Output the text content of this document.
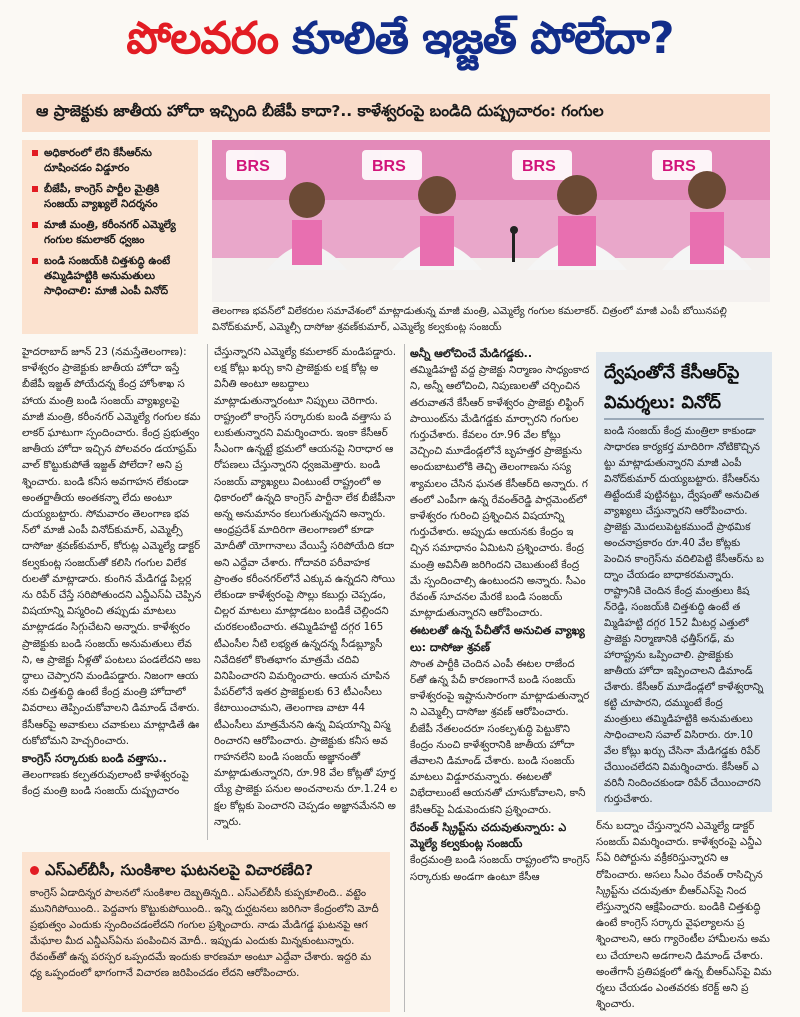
పోలవరం కూలితే ఇజ్జత్ పోలేదా?
ఆ ప్రాజెక్టుకు జాతీయ హోదా ఇచ్చింది బీజేపీ కాదా?.. కాళేశ్వరంపై బండిది దుష్ప్రచారం: గంగుల
అధికారంలో లేని కేసీఆర్‌ను దూషించడం విడ్డూరం
బీజేపీ, కాంగ్రెస్ పార్టీల మైత్రికి సంజయ్ వ్యాఖ్యలే నిదర్శనం
మాజీ మంత్రి, కరీంనగర్ ఎమ్మెల్యే గంగుల కమలాకర్ ధ్వజం
బండి సంజయ్‌కి చిత్తశుద్ధి ఉంటే తమ్మిడిహట్టికి అనుమతులు సాధించాలి: మాజీ ఎంపీ వినోద్
BRS	BRS	BRS	BRS
తెలంగాణ భవన్‌లో విలేకరుల సమావేశంలో మాట్లాడుతున్న మాజీ మంత్రి, ఎమ్మెల్యే గంగుల కమలాకర్. చిత్రంలో మాజీ ఎంపీ బోయినపల్లి వినోద్‌కుమార్, ఎమ్మెల్సీ దాసోజు శ్రవణ్‌కుమార్, ఎమ్మెల్యే కల్వకుంట్ల సంజయ్

హైదరాబాద్ జూన్ 23 (నమస్తేతెలంగాణ): కాళేశ్వరం ప్రాజెక్టుకు జాతీయ హోదా ఇస్తే బీజేపీ ఇజ్జత్ పోయేదన్న కేంద్ర హోంశాఖ సహాయ మంత్రి బండి సంజయ్ వ్యాఖ్యలపై మాజీ మంత్రి, కరీంనగర్ ఎమ్మెల్యే గంగుల కమలాకర్ ఘాటుగా స్పందించారు. కేంద్ర ప్రభుత్వం జాతీయ హోదా ఇచ్చిన పోలవరం డయాఫ్రమ్ వాల్ కొట్టుకుపోతే ఇజ్జత్ పోలేదా? అని ప్రశ్నించారు. బండి కనీస అవగాహన లేకుండా అంతర్జాతీయ అంతకన్నా లేదు అంటూ దుయ్యబట్టారు. సోమవారం తెలంగాణ భవన్‌లో మాజీ ఎంపీ వినోద్‌కుమార్, ఎమ్మెల్సీ దాసోజు శ్రవణ్‌కుమార్, కోరుట్ల ఎమ్మెల్యే డాక్టర్ కల్వకుంట్ల సంజయ్‌తో కలిసి గంగుల విలేకరులతో మాట్లాడారు. కుంగిన మేడిగడ్డ పిల్లర్లను రిపేర్ చేస్తే సరిపోతుందని ఎన్డీఎస్‌ఏ చెప్పిన విషయాన్ని విస్మరించి తప్పుడు మాటలు మాట్లాడడం సిగ్గుచేటని అన్నారు. కాళేశ్వరం ప్రాజెక్టుకు బండి సంజయ్ అనుమతులు లేవని, ఆ ప్రాజెక్టు నీళ్లతో పంటలు పండలేదని అబద్ధాలు చెప్పారని మండిపడ్డారు. నిజంగా ఆయనకు చిత్తశుద్ధి ఉంటే కేంద్ర మంత్రి హోదాలో వివరాలు తెప్పించుకోవాలని డిమాండ్ చేశారు. కేసీఆర్‌పై అవాకులు చవాకులు మాట్లాడితే ఊరుకోబోమని హెచ్చరించారు.

కాంగ్రెస్ సర్కారుకు బండి వత్తాసు..

తెలంగాణకు కల్పతరువులాంటి కాళేశ్వరంపై కేంద్ర మంత్రి బండి సంజయ్ దుష్ప్రచారం

చేస్తున్నారని ఎమ్మెల్యే కమలాకర్ మండిపడ్డారు. లక్ష కోట్లు ఖర్చు కాని ప్రాజెక్టుకు లక్ష కోట్ల అవినీతి అంటూ అబద్ధాలు మాట్లాడుతున్నారంటూ నిప్పులు చెరిగారు. రాష్ట్రంలో కాంగ్రెస్ సర్కారుకు బండి వత్తాసు పలుకుతున్నారని విమర్శించారు. ఇంకా కేసీఆర్ సీఎంగా ఉన్నట్టే భ్రమలో ఆయనపై నిరాధార ఆరోపణలు చేస్తున్నారని ధ్వజమెత్తారు. బండి సంజయ్ వ్యాఖ్యలు వింటుంటే రాష్ట్రంలో అధికారంలో ఉన్నది కాంగ్రెస్ పార్టీనా లేక బీజేపీనా అన్న అనుమానం కలుగుతున్నదని అన్నారు. ఆంధ్రప్రదేశ్ మాదిరిగా తెలంగాణలో కూడా మోదీతో యోగానాలు వేయిస్తే సరిపోయేది కదా అని ఎద్దేవా చేశారు. గోదావరి పరీవాహక ప్రాంతం కరీంనగర్‌లోనే ఎక్కువ ఉన్నదని సోయి లేకుండా కాళేశ్వరంపై సొల్లు కబుర్లు చెప్పడం, చిల్లర మాటలు మాట్లాడటం బండికే చెల్లిందని చురకలంటించారు. తమ్మిడిహట్టి దగ్గర 165 టీఎంసీల నీటి లభ్యత ఉన్నదన్న సీడబ్ల్యూసీ నివేదికలో కొంతభాగం మాత్రమే చదివి వినిపించారని విమర్శించారు. ఆయన చూపిన పేపర్‌లోనే ఇతర ప్రాజెక్టులకు 63 టీఎంసీలు కేటాయించామని, తెలంగాణ వాటా 44 టీఎంసీలు మాత్రమేనని ఉన్న విషయాన్ని విస్మరించారని ఆరోపించారు. ప్రాజెక్టుకు కనీస అవగాహనలేని బండి సంజయ్ అజ్ఞానంతో మాట్లాడుతున్నారని, రూ.98 వేల కోట్లతో పూర్తయ్యే ప్రాజెక్టు పనుల అంచనాలను రూ.1.24 లక్షల కోట్లకు పెంచారని చెప్పడం అజ్ఞానమేనని అన్నారు.

అన్నీ ఆలోచించే మేడిగడ్డకు..

తమ్మిడిహట్టి వద్ద ప్రాజెక్టు నిర్మాణం సాధ్యంకాదని, అన్నీ ఆలోచించి, నిపుణులతో చర్చించిన తరువాతనే కేసీఆర్ కాళేశ్వరం ప్రాజెక్టు లిఫ్టింగ్ పాయింట్‌ను మేడిగడ్డకు మార్చారని గంగుల గుర్తుచేశారు. కేవలం రూ.96 వేల కోట్లు వెచ్చించి మూడేండ్లలోనే బృహత్తర ప్రాజెక్టును అందుబాటులోకి తెచ్చి తెలంగాణను సస్యశ్యామలం చేసిన ఘనత కేసీఆర్‌ది అన్నారు. గతంలో ఎంపీగా ఉన్న రేవంత్‌రెడ్డి పార్లమెంట్‌లో కాళేశ్వరం గురించి ప్రశ్నించిన విషయాన్ని గుర్తుచేశారు. అప్పుడు ఆయనకు కేంద్రం ఇచ్చిన సమాధానం ఏమిటని ప్రశ్నించారు. కేంద్ర మంత్రి అవినీతి జరిగిందని చెబుతుంటే కేంద్రమే స్పందించాల్సి ఉంటుందని అన్నారు. సీఎం రేవంత్ సూచనల మేరకే బండి సంజయ్ మాట్లాడుతున్నారని ఆరోపించారు.

ఈటలతో ఉన్న పేచీతోనే అనుచిత వ్యాఖ్యలు: దాసోజు శ్రవణ్

సొంత పార్టీకి చెందిన ఎంపీ ఈటల రాజేందర్‌తో ఉన్న పేచీ కారణంగానే బండి సంజయ్ కాళేశ్వరంపై ఇష్టానుసారంగా మాట్లాడుతున్నారని ఎమ్మెల్సీ దాసోజు శ్రవణ్ ఆరోపించారు. బీజేపీ నేతలందరూ సంకల్పశుద్ధి పెట్టుకొని కేంద్రం నుంచి కాళేశ్వరానికి జాతీయ హోదా తేవాలని డిమాండ్ చేశారు. బండి సంజయ్ మాటలు విడ్డూరమన్నారు. ఈటలతో విభేదాలుంటే ఆయనతో చూసుకోవాలని, కానీ కేసీఆర్‌పై ఏడుపెందుకని ప్రశ్నించారు.

రేవంత్ స్క్రిప్ట్‌ను చదువుతున్నారు: ఎమ్మెల్యే కల్వకుంట్ల సంజయ్

కేంద్రమంత్రి బండి సంజయ్ రాష్ట్రంలోని కాంగ్రెస్ సర్కారుకు అండగా ఉంటూ కేసీఆ

ద్వేషంతోనే కేసీఆర్‌పై విమర్శలు: వినోద్
బండి సంజయ్ కేంద్ర మంత్రిలా కాకుండా సాధారణ కార్యకర్త మాదిరిగా నోటికొచ్చినట్టు మాట్లాడుతున్నారని మాజీ ఎంపీ వినోద్‌కుమార్ దుయ్యబట్టారు. కేసీఆర్‌ను తిట్టేందుకే పుట్టినట్టు, ద్వేషంతో అనుచిత వ్యాఖ్యలు చేస్తున్నారని ఆరోపించారు. ప్రాజెక్టు మొదలుపెట్టకముందే ప్రాథమిక అంచనాప్రకారం రూ.40 వేల కోట్లకు పెంచిన కాంగ్రెస్‌ను వదిలిపెట్టి కేసీఆర్‌ను బద్నాం చేయడం బాధాకరమన్నారు. రాష్ట్రానికి చెందిన కేంద్ర మంత్రులు కిషన్‌రెడ్డి, సంజయ్‌కి చిత్తశుద్ధి ఉంటే తమ్మిడిహట్టి దగ్గర 152 మీటర్ల ఎత్తులో ప్రాజెక్టు నిర్మాణానికి ఛత్తీస్‌గఢ్, మహారాష్ట్రను ఒప్పించాలి. ప్రాజెక్టుకు జాతీయ హోదా ఇప్పించాలని డిమాండ్ చేశారు. కేసీఆర్ మూడేండ్లలో కాళేశ్వరాన్ని కట్టి చూపారని, దమ్ముంటే కేంద్ర మంత్రులు తమ్మిడిహట్టికి అనుమతులు సాధించాలని సవాల్ విసిరారు. రూ.10 వేల కోట్లు ఖర్చు చేసినా మేడిగడ్డకు రిపేర్ చేయించలేదని విమర్శించారు. కేసీఆర్ ఎవరినీ నిందించకుండా రిపేర్ చేయించారని గుర్తుచేశారు.

ర్‌ను బద్నాం చేస్తున్నారని ఎమ్మెల్యే డాక్టర్ సంజయ్ విమర్శించారు. కాళేశ్వరంపై ఎన్డీఎస్ఏ రిపోర్టును వక్రీకరిస్తున్నారని ఆరోపించారు. అసలు సీఎం రేవంత్ రాసిచ్చిన స్క్రిప్ట్‌ను చదువుతూ బీఆర్ఎస్‌పై నిందలేస్తున్నారని ఆక్షేపించారు. బండికి చిత్తశుద్ధి ఉంటే కాంగ్రెస్ సర్కారు వైఫల్యాలను ప్రశ్నించాలని, ఆరు గ్యారెంటీల హామీలను అమలు చేయాలని అడగాలని డిమాండ్ చేశారు. అంతేగానీ ప్రతిపక్షంలో ఉన్న బీఆర్ఎస్‌పై విమర్శలు చేయడం ఎంతవరకు కరెక్ట్ అని ప్రశ్నించారు.

ఎస్ఎల్‌బీసీ, సుంకిశాల ఘటనలపై విచారణేది?
కాంగ్రెస్ ఏడాదిన్నర పాలనలో సుంకిశాల దెబ్బతిన్నది.. ఎస్ఎల్‌బీసీ కుప్పకూలింది.. వట్టెం మునిగిపోయింది.. పెద్దవాగు కొట్టుకుపోయింది.. ఇన్ని దుర్ఘటనలు జరిగినా కేంద్రంలోని మోదీ ప్రభుత్వం ఎందుకు స్పందించడంలేదని గంగుల ప్రశ్నించారు. నాడు మేడిగడ్డ ఘటనపై ఆగమేఘాల మీద ఎన్డీఎస్ఏను పంపించిన మోదీ.. ఇప్పుడు ఎందుకు మిన్నకుంటున్నారు. రేవంత్‌తో ఉన్న పరస్పర ఒప్పందమే ఇందుకు కారణమా అంటూ ఎద్దేవా చేశారు. ఇద్దరి మధ్య ఒప్పందంలో భాగంగానే విచారణ జరిపించడం లేదని ఆరోపించారు.
